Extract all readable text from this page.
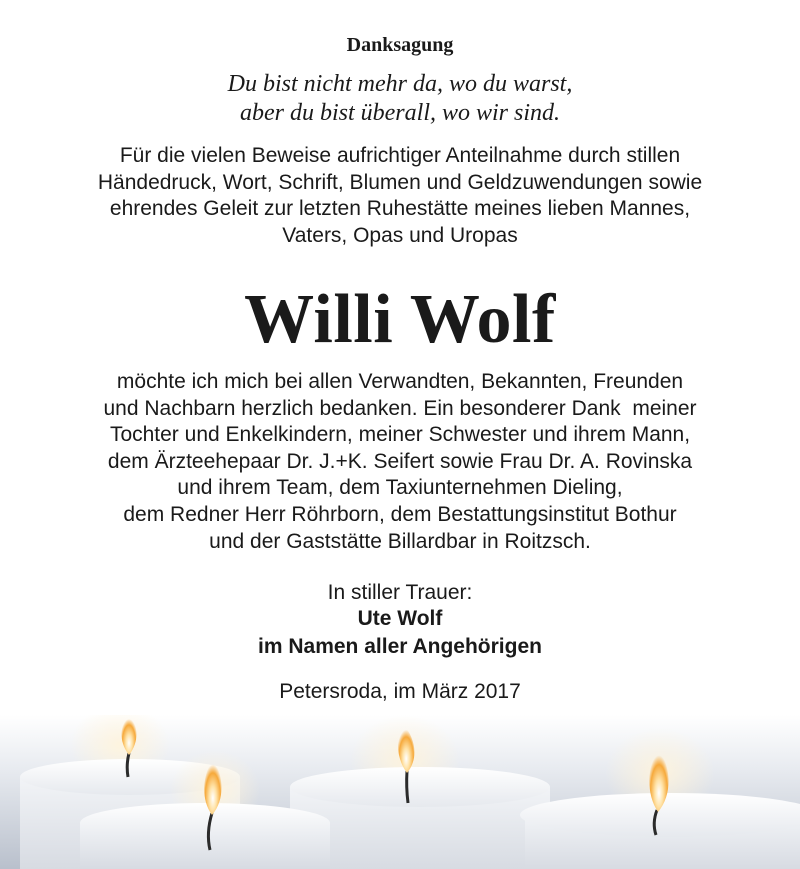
Danksagung
Du bist nicht mehr da, wo du warst,
aber du bist überall, wo wir sind.
Für die vielen Beweise aufrichtiger Anteilnahme durch stillen
Händedruck, Wort, Schrift, Blumen und Geldzuwendungen sowie
ehrendes Geleit zur letzten Ruhestätte meines lieben Mannes,
Vaters, Opas und Uropas
Willi Wolf
möchte ich mich bei allen Verwandten, Bekannten, Freunden
und Nachbarn herzlich bedanken. Ein besonderer Dank  meiner
Tochter und Enkelkindern, meiner Schwester und ihrem Mann,
dem Ärzteehepaar Dr. J.+K. Seifert sowie Frau Dr. A. Rovinska
und ihrem Team, dem Taxiunternehmen Dieling,
dem Redner Herr Röhrborn, dem Bestattungsinstitut Bothur
und der Gaststätte Billardbar in Roitzsch.
In stiller Trauer:
Ute Wolf
im Namen aller Angehörigen
Petersroda, im März 2017
